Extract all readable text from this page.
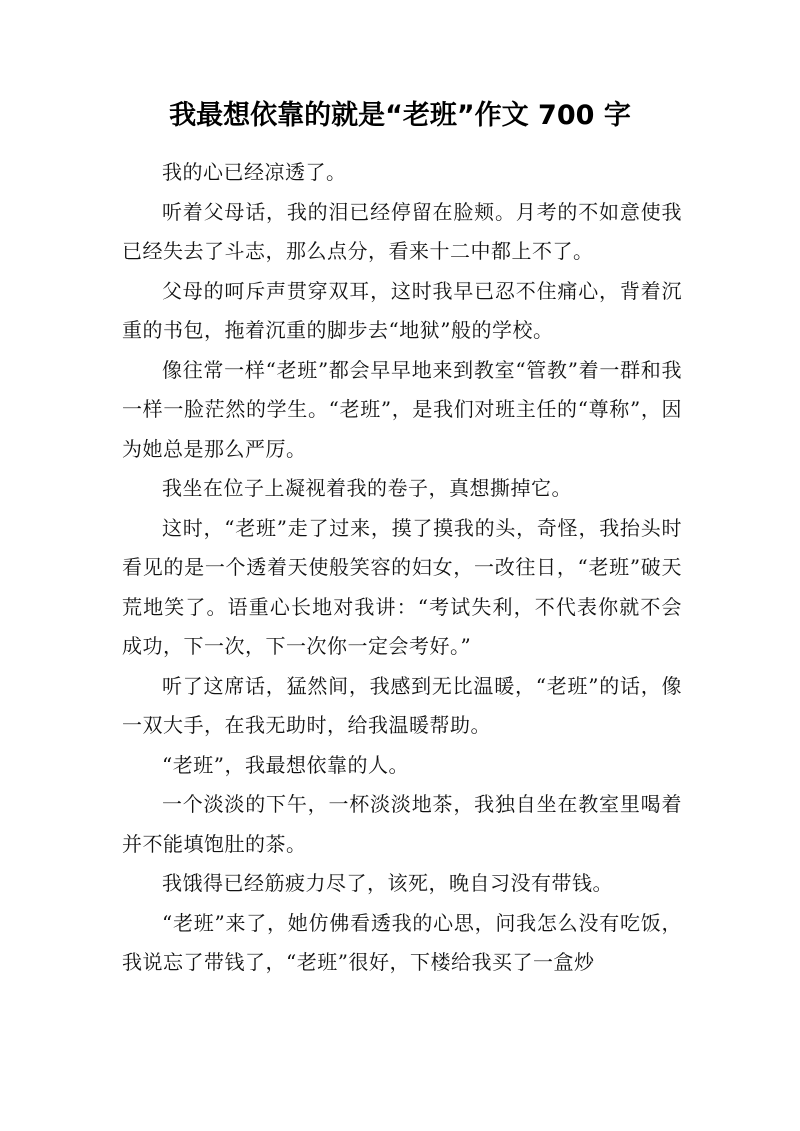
我最想依靠的就是“老班”作文 700 字

我的心已经凉透了。

听着父母话，我的泪已经停留在脸颊。月考的不如意使我已经失去了斗志，那么点分，看来十二中都上不了。

父母的呵斥声贯穿双耳，这时我早已忍不住痛心，背着沉重的书包，拖着沉重的脚步去“地狱”般的学校。

像往常一样“老班”都会早早地来到教室“管教”着一群和我一样一脸茫然的学生。“老班”，是我们对班主任的“尊称”，因为她总是那么严厉。

我坐在位子上凝视着我的卷子，真想撕掉它。

这时，“老班”走了过来，摸了摸我的头，奇怪，我抬头时看见的是一个透着天使般笑容的妇女，一改往日，“老班”破天荒地笑了。语重心长地对我讲：“考试失利，不代表你就不会成功，下一次，下一次你一定会考好。”

听了这席话，猛然间，我感到无比温暖，“老班”的话，像一双大手，在我无助时，给我温暖帮助。

“老班”，我最想依靠的人。

一个淡淡的下午，一杯淡淡地茶，我独自坐在教室里喝着并不能填饱肚的茶。

我饿得已经筋疲力尽了，该死，晚自习没有带钱。

“老班”来了，她仿佛看透我的心思，问我怎么没有吃饭，我说忘了带钱了，“老班”很好，下楼给我买了一盒炒
